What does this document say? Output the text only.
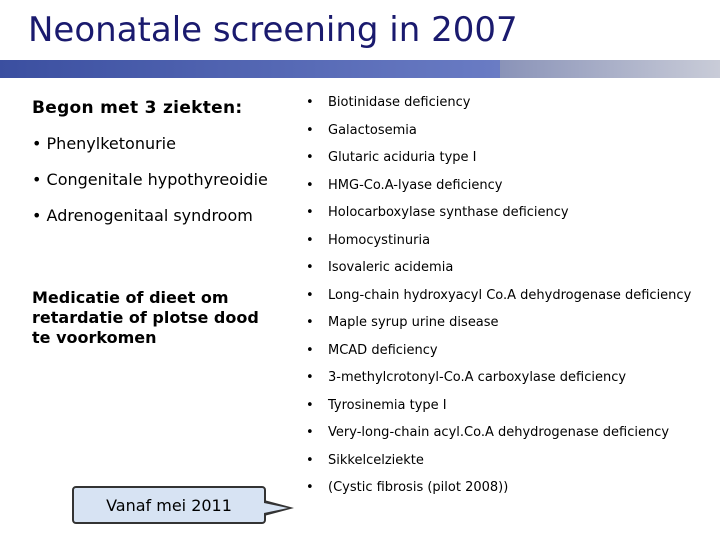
Neonatale screening in 2007
Begon met 3 ziekten:
• Phenylketonurie
• Congenitale hypothyreoidie
• Adrenogenitaal syndroom
Medicatie of dieet om retardatie of plotse dood te voorkomen
Vanaf mei 2011
• Biotinidase deficiency
• Galactosemia
• Glutaric aciduria type I
• HMG-Co.A-lyase deficiency
• Holocarboxylase synthase deficiency
• Homocystinuria
• Isovaleric acidemia
• Long-chain hydroxyacyl Co.A dehydrogenase deficiency
• Maple syrup urine disease
• MCAD deficiency
• 3-methylcrotonyl-Co.A carboxylase deficiency
• Tyrosinemia type I
• Very-long-chain acyl.Co.A dehydrogenase deficiency
• Sikkelcelziekte
• (Cystic fibrosis (pilot 2008))
